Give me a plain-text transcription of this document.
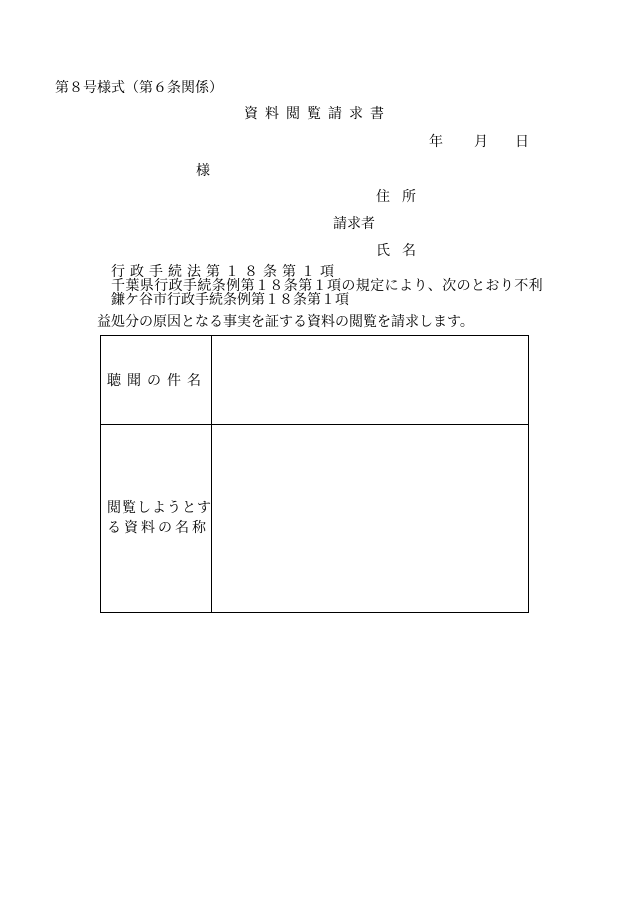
第８号様式（第６条関係）
資料閲覧請求書
年 月 日
様
住所
請求者
氏名
行政手続法第１８条第１項
千葉県行政手続条例第１８条第１項の規定により、次のとおり不利
鎌ケ谷市行政手続条例第１８条第１項
益処分の原因となる事実を証する資料の閲覧を請求します。
聴聞の件名
閲覧しようとす
る資料の名称
